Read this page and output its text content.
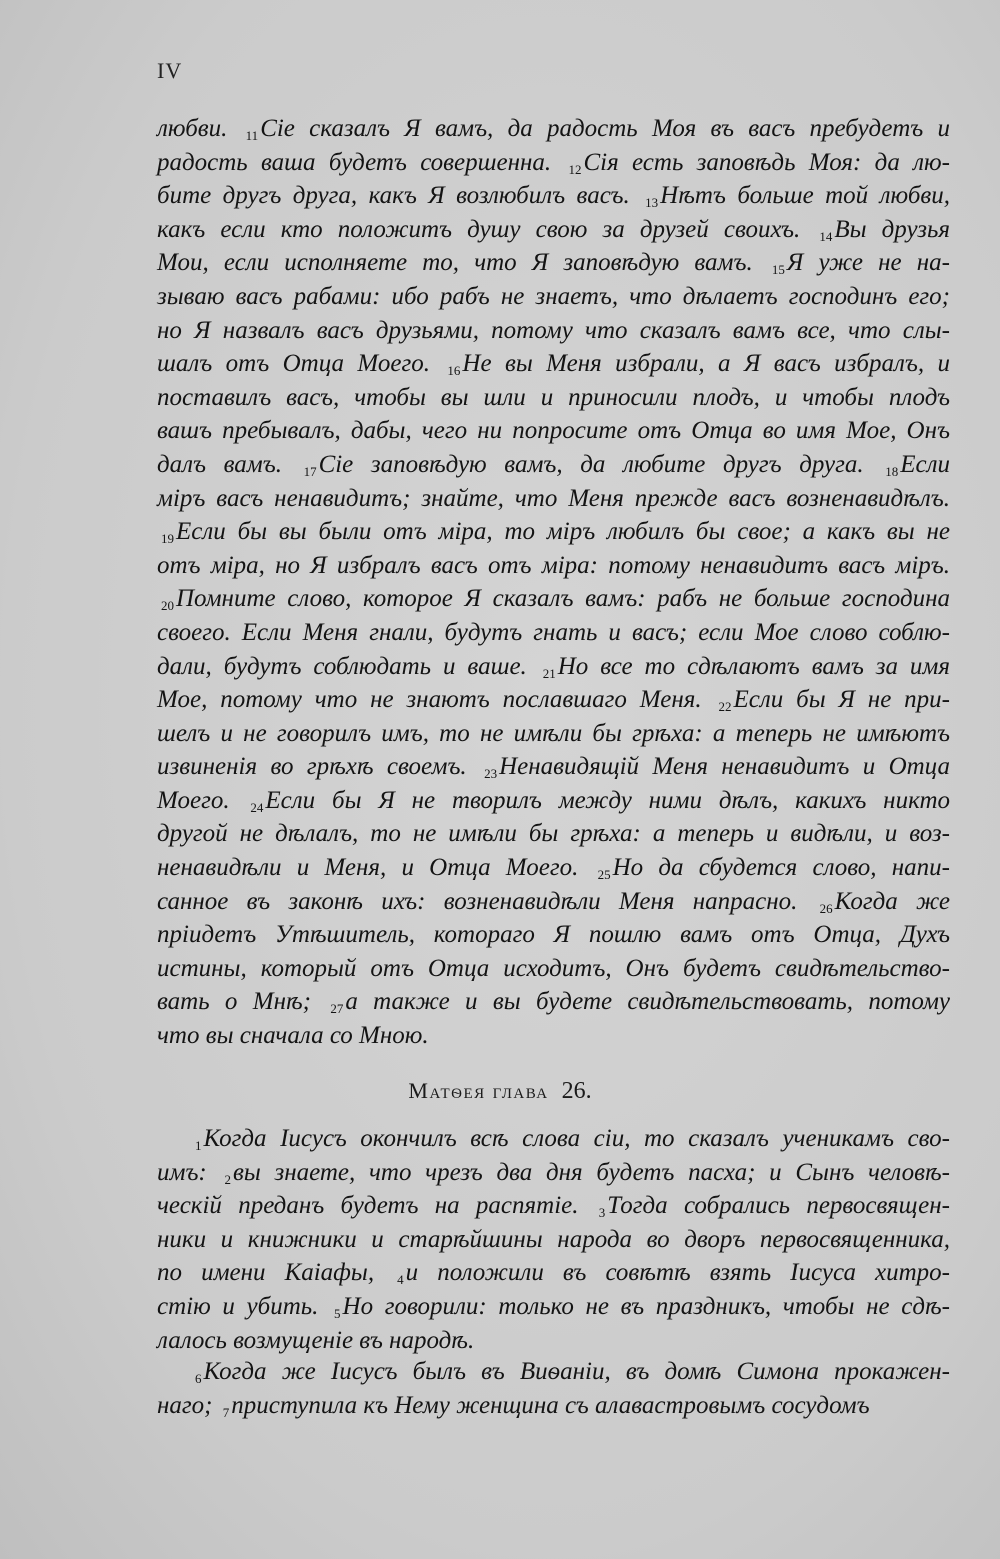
IV
любви. 11Сіе сказалъ Я вамъ, да радость Моя въ васъ пребудетъ и
радость ваша будетъ совершенна. 12Сія есть заповѣдь Моя: да лю-
бите другъ друга, какъ Я возлюбилъ васъ. 13Нѣтъ больше той любви,
какъ если кто положитъ душу свою за друзей своихъ. 14Вы друзья
Мои, если исполняете то, что Я заповѣдую вамъ. 15Я уже не на-
зываю васъ рабами: ибо рабъ не знаетъ, что дѣлаетъ господинъ его;
но Я назвалъ васъ друзьями, потому что сказалъ вамъ все, что слы-
шалъ отъ Отца Моего. 16Не вы Меня избрали, а Я васъ избралъ, и
поставилъ васъ, чтобы вы шли и приносили плодъ, и чтобы плодъ
вашъ пребывалъ, дабы, чего ни попросите отъ Отца во имя Мое, Онъ
далъ вамъ. 17Сіе заповѣдую вамъ, да любите другъ друга. 18Если
міръ васъ ненавидитъ; знайте, что Меня прежде васъ возненавидѣлъ.
19Если бы вы были отъ міра, то міръ любилъ бы свое; а какъ вы не
отъ міра, но Я избралъ васъ отъ міра: потому ненавидитъ васъ міръ.
20Помните слово, которое Я сказалъ вамъ: рабъ не больше господина
своего. Если Меня гнали, будутъ гнать и васъ; если Мое слово соблю-
дали, будутъ соблюдать и ваше. 21Но все то сдѣлаютъ вамъ за имя
Мое, потому что не знаютъ пославшаго Меня. 22Если бы Я не при-
шелъ и не говорилъ имъ, то не имѣли бы грѣха: а теперь не имѣютъ
извиненія во грѣхѣ своемъ. 23Ненавидящій Меня ненавидитъ и Отца
Моего. 24Если бы Я не творилъ между ними дѣлъ, какихъ никто
другой не дѣлалъ, то не имѣли бы грѣха: а теперь и видѣли, и воз-
ненавидѣли и Меня, и Отца Моего. 25Но да сбудется слово, напи-
санное въ законѣ ихъ: возненавидѣли Меня напрасно. 26Когда же
пріидетъ Утѣшитель, котораго Я пошлю вамъ отъ Отца, Духъ
истины, который отъ Отца исходитъ, Онъ будетъ свидѣтельство-
вать о Мнѣ; 27а также и вы будете свидѣтельствовать, потому
что вы сначала со Мною.
Матѳея глава 26.
1Когда Іисусъ окончилъ всѣ слова сіи, то сказалъ ученикамъ сво-
имъ: 2вы знаете, что чрезъ два дня будетъ пасха; и Сынъ человѣ-
ческій преданъ будетъ на распятіе. 3Тогда собрались первосвящен-
ники и книжники и старѣйшины народа во дворъ первосвященника,
по имени Каіафы, 4и положили въ совѣтѣ взять Іисуса хитро-
стію и убить. 5Но говорили: только не въ праздникъ, чтобы не сдѣ-
лалось возмущеніе въ народѣ.
6Когда же Іисусъ былъ въ Виѳаніи, въ домѣ Симона прокажен-
наго; 7приступила къ Нему женщина съ алавастровымъ сосудомъ
